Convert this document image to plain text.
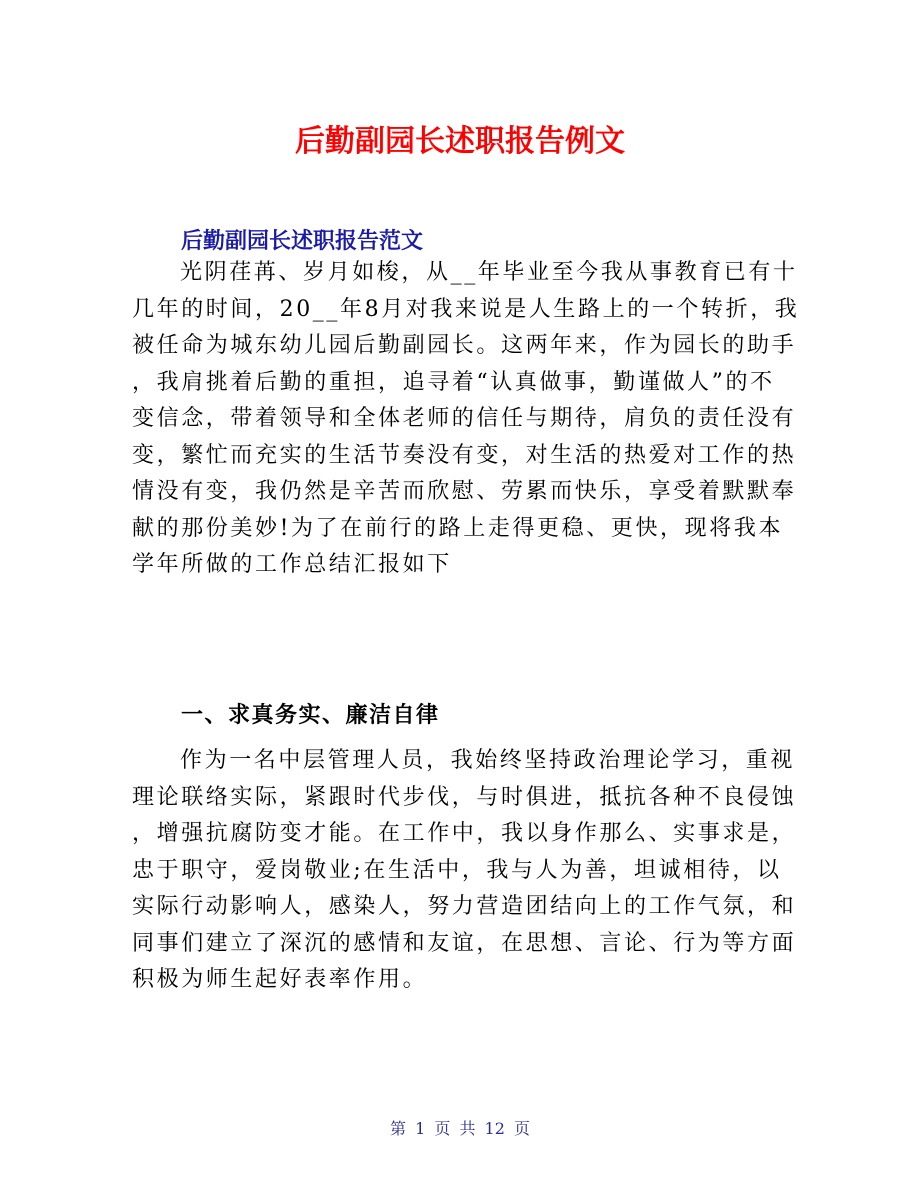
后勤副园长述职报告例文
后勤副园长述职报告范文
光阴荏苒、岁月如梭，从__年毕业至今我从事教育已有十
几年的时间，20__年8月对我来说是人生路上的一个转折，我
被任命为城东幼儿园后勤副园长。这两年来，作为园长的助手
，我肩挑着后勤的重担，追寻着“认真做事，勤谨做人”的不
变信念，带着领导和全体老师的信任与期待，肩负的责任没有
变，繁忙而充实的生活节奏没有变，对生活的热爱对工作的热
情没有变，我仍然是辛苦而欣慰、劳累而快乐，享受着默默奉
献的那份美妙!为了在前行的路上走得更稳、更快，现将我本
学年所做的工作总结汇报如下
一、求真务实、廉洁自律
作为一名中层管理人员，我始终坚持政治理论学习，重视
理论联络实际，紧跟时代步伐，与时俱进，抵抗各种不良侵蚀
，增强抗腐防变才能。在工作中，我以身作那么、实事求是，
忠于职守，爱岗敬业;在生活中，我与人为善，坦诚相待，以
实际行动影响人，感染人，努力营造团结向上的工作气氛，和
同事们建立了深沉的感情和友谊，在思想、言论、行为等方面
积极为师生起好表率作用。
第 1 页 共 12 页
